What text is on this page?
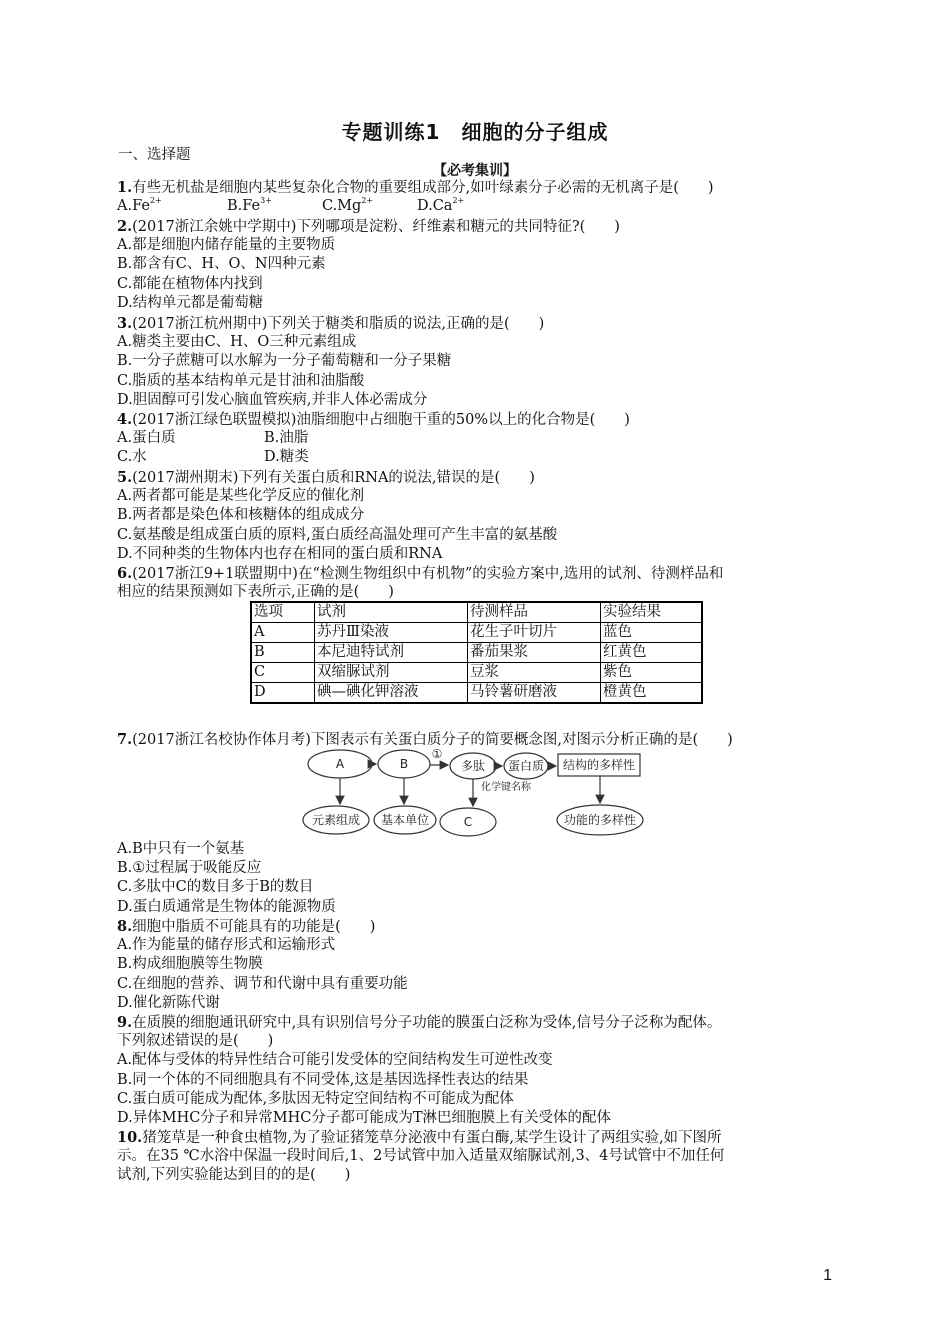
专题训练1　细胞的分子组成
一、选择题
【必考集训】
1.有些无机盐是细胞内某些复杂化合物的重要组成部分,如叶绿素分子必需的无机离子是(　　)
$A.Fe^{2+}$	$B.Fe^{3+}$	$C.Mg^{2+}$	$D.Ca^{2+}$
2.(2017浙江余姚中学期中)下列哪项是淀粉、纤维素和糖元的共同特征?(　　)
A.都是细胞内储存能量的主要物质
B.都含有C、H、O、N四种元素
C.都能在植物体内找到
D.结构单元都是葡萄糖
3.(2017浙江杭州期中)下列关于糖类和脂质的说法,正确的是(　　)
A.糖类主要由C、H、O三种元素组成
B.一分子蔗糖可以水解为一分子葡萄糖和一分子果糖
C.脂质的基本结构单元是甘油和油脂酸
D.胆固醇可引发心脑血管疾病,并非人体必需成分
4.(2017浙江绿色联盟模拟)油脂细胞中占细胞干重的50%以上的化合物是(　　)
A.蛋白质	B.油脂
C.水	D.糖类
5.(2017湖州期末)下列有关蛋白质和RNA的说法,错误的是(　　)
A.两者都可能是某些化学反应的催化剂
B.两者都是染色体和核糖体的组成成分
C.氨基酸是组成蛋白质的原料,蛋白质经高温处理可产生丰富的氨基酸
D.不同种类的生物体内也存在相同的蛋白质和RNA
6.(2017浙江9+1联盟期中)在“检测生物组织中有机物”的实验方案中,选用的试剂、待测样品和
相应的结果预测如下表所示,正确的是(　　)
选项	试剂	待测样品	实验结果
A	苏丹Ⅲ染液	花生子叶切片	蓝色
B	本尼迪特试剂	番茄果浆	红黄色
C	双缩脲试剂	豆浆	紫色
D	碘—碘化钾溶液	马铃薯研磨液	橙黄色
7.(2017浙江名校协作体月考)下图表示有关蛋白质分子的简要概念图,对图示分析正确的是(　　)
A	B
①
多肽 蛋白质 结构的多样性
化学键名称
元素组成 基本单位	C	功能的多样性
A.B中只有一个氨基
B.①过程属于吸能反应
C.多肽中C的数目多于B的数目
D.蛋白质通常是生物体的能源物质
8.细胞中脂质不可能具有的功能是(　　)
A.作为能量的储存形式和运输形式
B.构成细胞膜等生物膜
C.在细胞的营养、调节和代谢中具有重要功能
D.催化新陈代谢
9.在质膜的细胞通讯研究中,具有识别信号分子功能的膜蛋白泛称为受体,信号分子泛称为配体。
下列叙述错误的是(　　)
A.配体与受体的特异性结合可能引发受体的空间结构发生可逆性改变
B.同一个体的不同细胞具有不同受体,这是基因选择性表达的结果
C.蛋白质可能成为配体,多肽因无特定空间结构不可能成为配体
D.异体MHC分子和异常MHC分子都可能成为T淋巴细胞膜上有关受体的配体
10.猪笼草是一种食虫植物,为了验证猪笼草分泌液中有蛋白酶,某学生设计了两组实验,如下图所
示。在35 ℃水浴中保温一段时间后,1、2号试管中加入适量双缩脲试剂,3、4号试管中不加任何
试剂,下列实验能达到目的的是(　　)
1
